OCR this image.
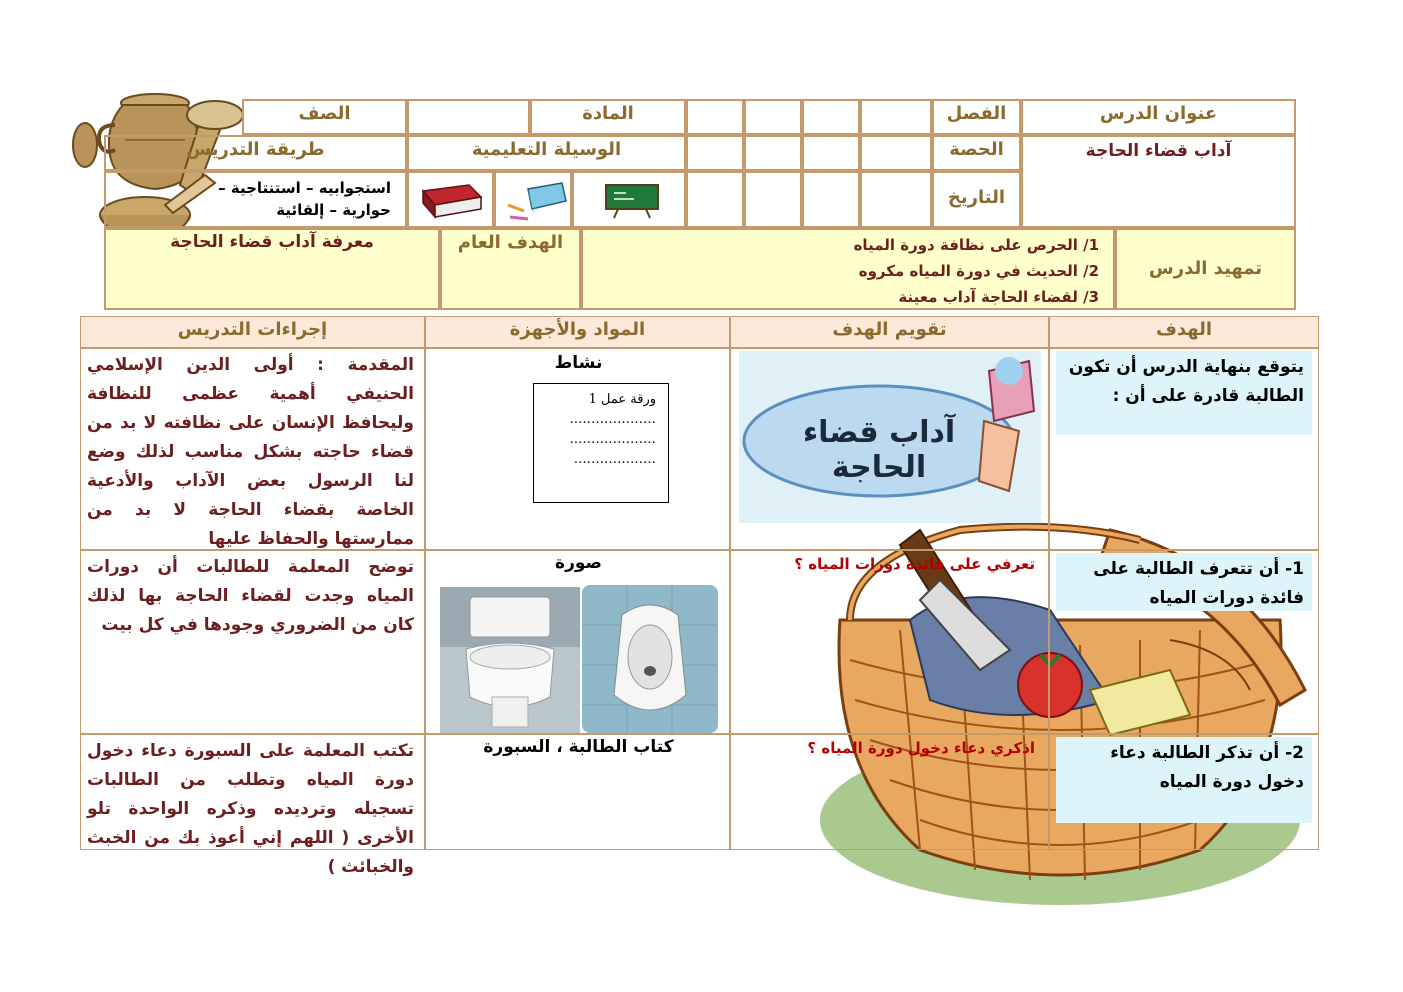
عنوان الدرس
آداب قضاء الحاجة
الفصل
الحصة
التاريخ
المادة
الصف
الوسيلة التعليمية
طريقة التدريس
استجوابيه – استنتاجية – حوارية – إلقائية
تمهيد الدرس
1/ الحرص على نظافة دورة المياه
2/ الحديث في دورة المياه مكروه
3/ لقضاء الحاجة آداب معينة
الهدف العام
معرفة آداب قضاء الحاجة
الهدف
تقويم الهدف
المواد والأجهزة
إجراءات التدريس
يتوقع بنهاية الدرس أن تكون الطالبة قادرة على أن :
آداب قضاء الحاجة
نشاط
ورقة عمل 1
………………..
………………..
……………….
المقدمة : أولى الدين الإسلامي الحنيفي أهمية عظمى للنظافة وليحافظ الإنسان على نظافته لا بد من قضاء حاجته بشكل مناسب لذلك وضع لنا الرسول بعض الآداب والأدعية الخاصة بقضاء الحاجة لا بد من ممارستها والحفاظ عليها
1- أن تتعرف الطالبة على فائدة دورات المياه
تعرفي على فائدة دورات المياه ؟
صورة
توضح المعلمة للطالبات أن دورات المياه وجدت لقضاء الحاجة بها لذلك كان من الضروري وجودها في كل بيت
2- أن تذكر الطالبة دعاء دخول دورة المياه
اذكري دعاء دخول دورة المياه ؟
كتاب الطالبة ، السبورة
تكتب المعلمة على السبورة دعاء دخول دورة المياه وتطلب من الطالبات تسجيله وترديده وذكره الواحدة تلو الأخرى ( اللهم إني أعوذ بك من الخبث والخبائث )
